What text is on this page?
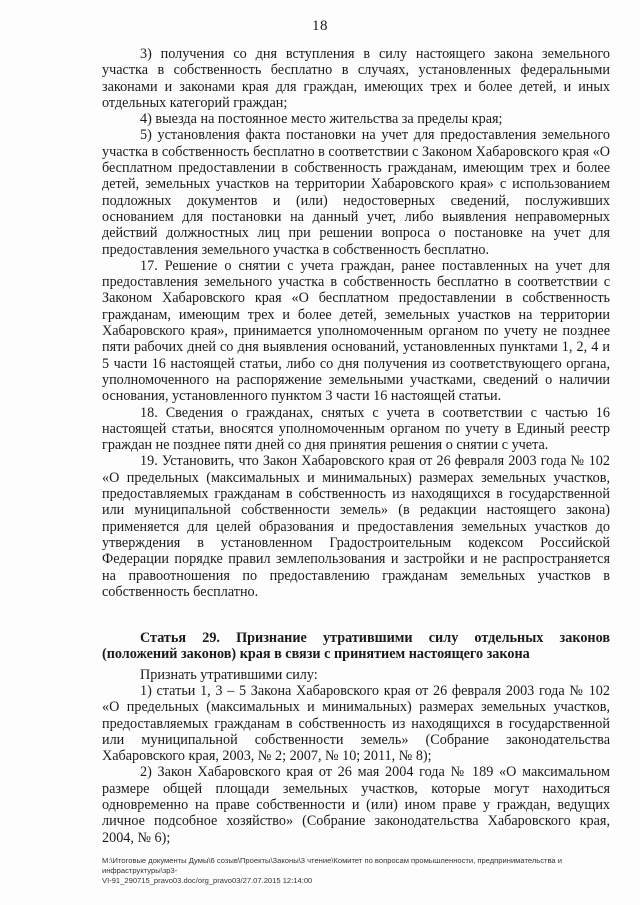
18

3) получения со дня вступления в силу настоящего закона земельного участка в собственность бесплатно в случаях, установленных федеральными законами и законами края для граждан, имеющих трех и более детей, и иных отдельных категорий граждан;

4) выезда на постоянное место жительства за пределы края;

5) установления факта постановки на учет для предоставления земельного участка в собственность бесплатно в соответствии с Законом Хабаровского края «О бесплатном предоставлении в собственность гражданам, имеющим трех и более детей, земельных участков на территории Хабаровского края» с использованием подложных документов и (или) недостоверных сведений, послуживших основанием для постановки на данный учет, либо выявления неправомерных действий должностных лиц при решении вопроса о постановке на учет для предоставления земельного участка в собственность бесплатно.

17. Решение о снятии с учета граждан, ранее поставленных на учет для предоставления земельного участка в собственность бесплатно в соответствии с Законом Хабаровского края «О бесплатном предоставлении в собственность гражданам, имеющим трех и более детей, земельных участков на территории Хабаровского края», принимается уполномоченным органом по учету не позднее пяти рабочих дней со дня выявления оснований, установленных пунктами 1, 2, 4 и 5 части 16 настоящей статьи, либо со дня получения из соответствующего органа, уполномоченного на распоряжение земельными участками, сведений о наличии основания, установленного пунктом 3 части 16 настоящей статьи.

18. Сведения о гражданах, снятых с учета в соответствии с частью 16 настоящей статьи, вносятся уполномоченным органом по учету в Единый реестр граждан не позднее пяти дней со дня принятия решения о снятии с учета.

19. Установить, что Закон Хабаровского края от 26 февраля 2003 года № 102 «О предельных (максимальных и минимальных) размерах земельных участков, предоставляемых гражданам в собственность из находящихся в государственной или муниципальной собственности земель» (в редакции настоящего закона) применяется для целей образования и предоставления земельных участков до утверждения в установленном Градостроительным кодексом Российской Федерации порядке правил землепользования и застройки и не распространяется на правоотношения по предоставлению гражданам земельных участков в собственность бесплатно.

Статья 29. Признание утратившими силу отдельных законов (положений законов) края в связи с принятием настоящего закона

Признать утратившими силу:

1) статьи 1, 3 – 5 Закона Хабаровского края от 26 февраля 2003 года № 102 «О предельных (максимальных и минимальных) размерах земельных участков, предоставляемых гражданам в собственность из находящихся в государственной или муниципальной собственности земель» (Собрание законодательства Хабаровского края, 2003, № 2; 2007, № 10; 2011, № 8);

2) Закон Хабаровского края от 26 мая 2004 года № 189 «О максимальном размере общей площади земельных участков, которые могут находиться одновременно на праве собственности и (или) ином праве у граждан, ведущих личное подсобное хозяйство» (Собрание законодательства Хабаровского края, 2004, № 6);

M:\Итоговые документы Думы\6 созыв\Проекты\Законы\3 чтение\Комитет по вопросам промышленности, предпринимательства и инфраструктуры\зр3-
VI-91_290715_pravo03.doc/org_pravo03/27.07.2015 12:14:00
